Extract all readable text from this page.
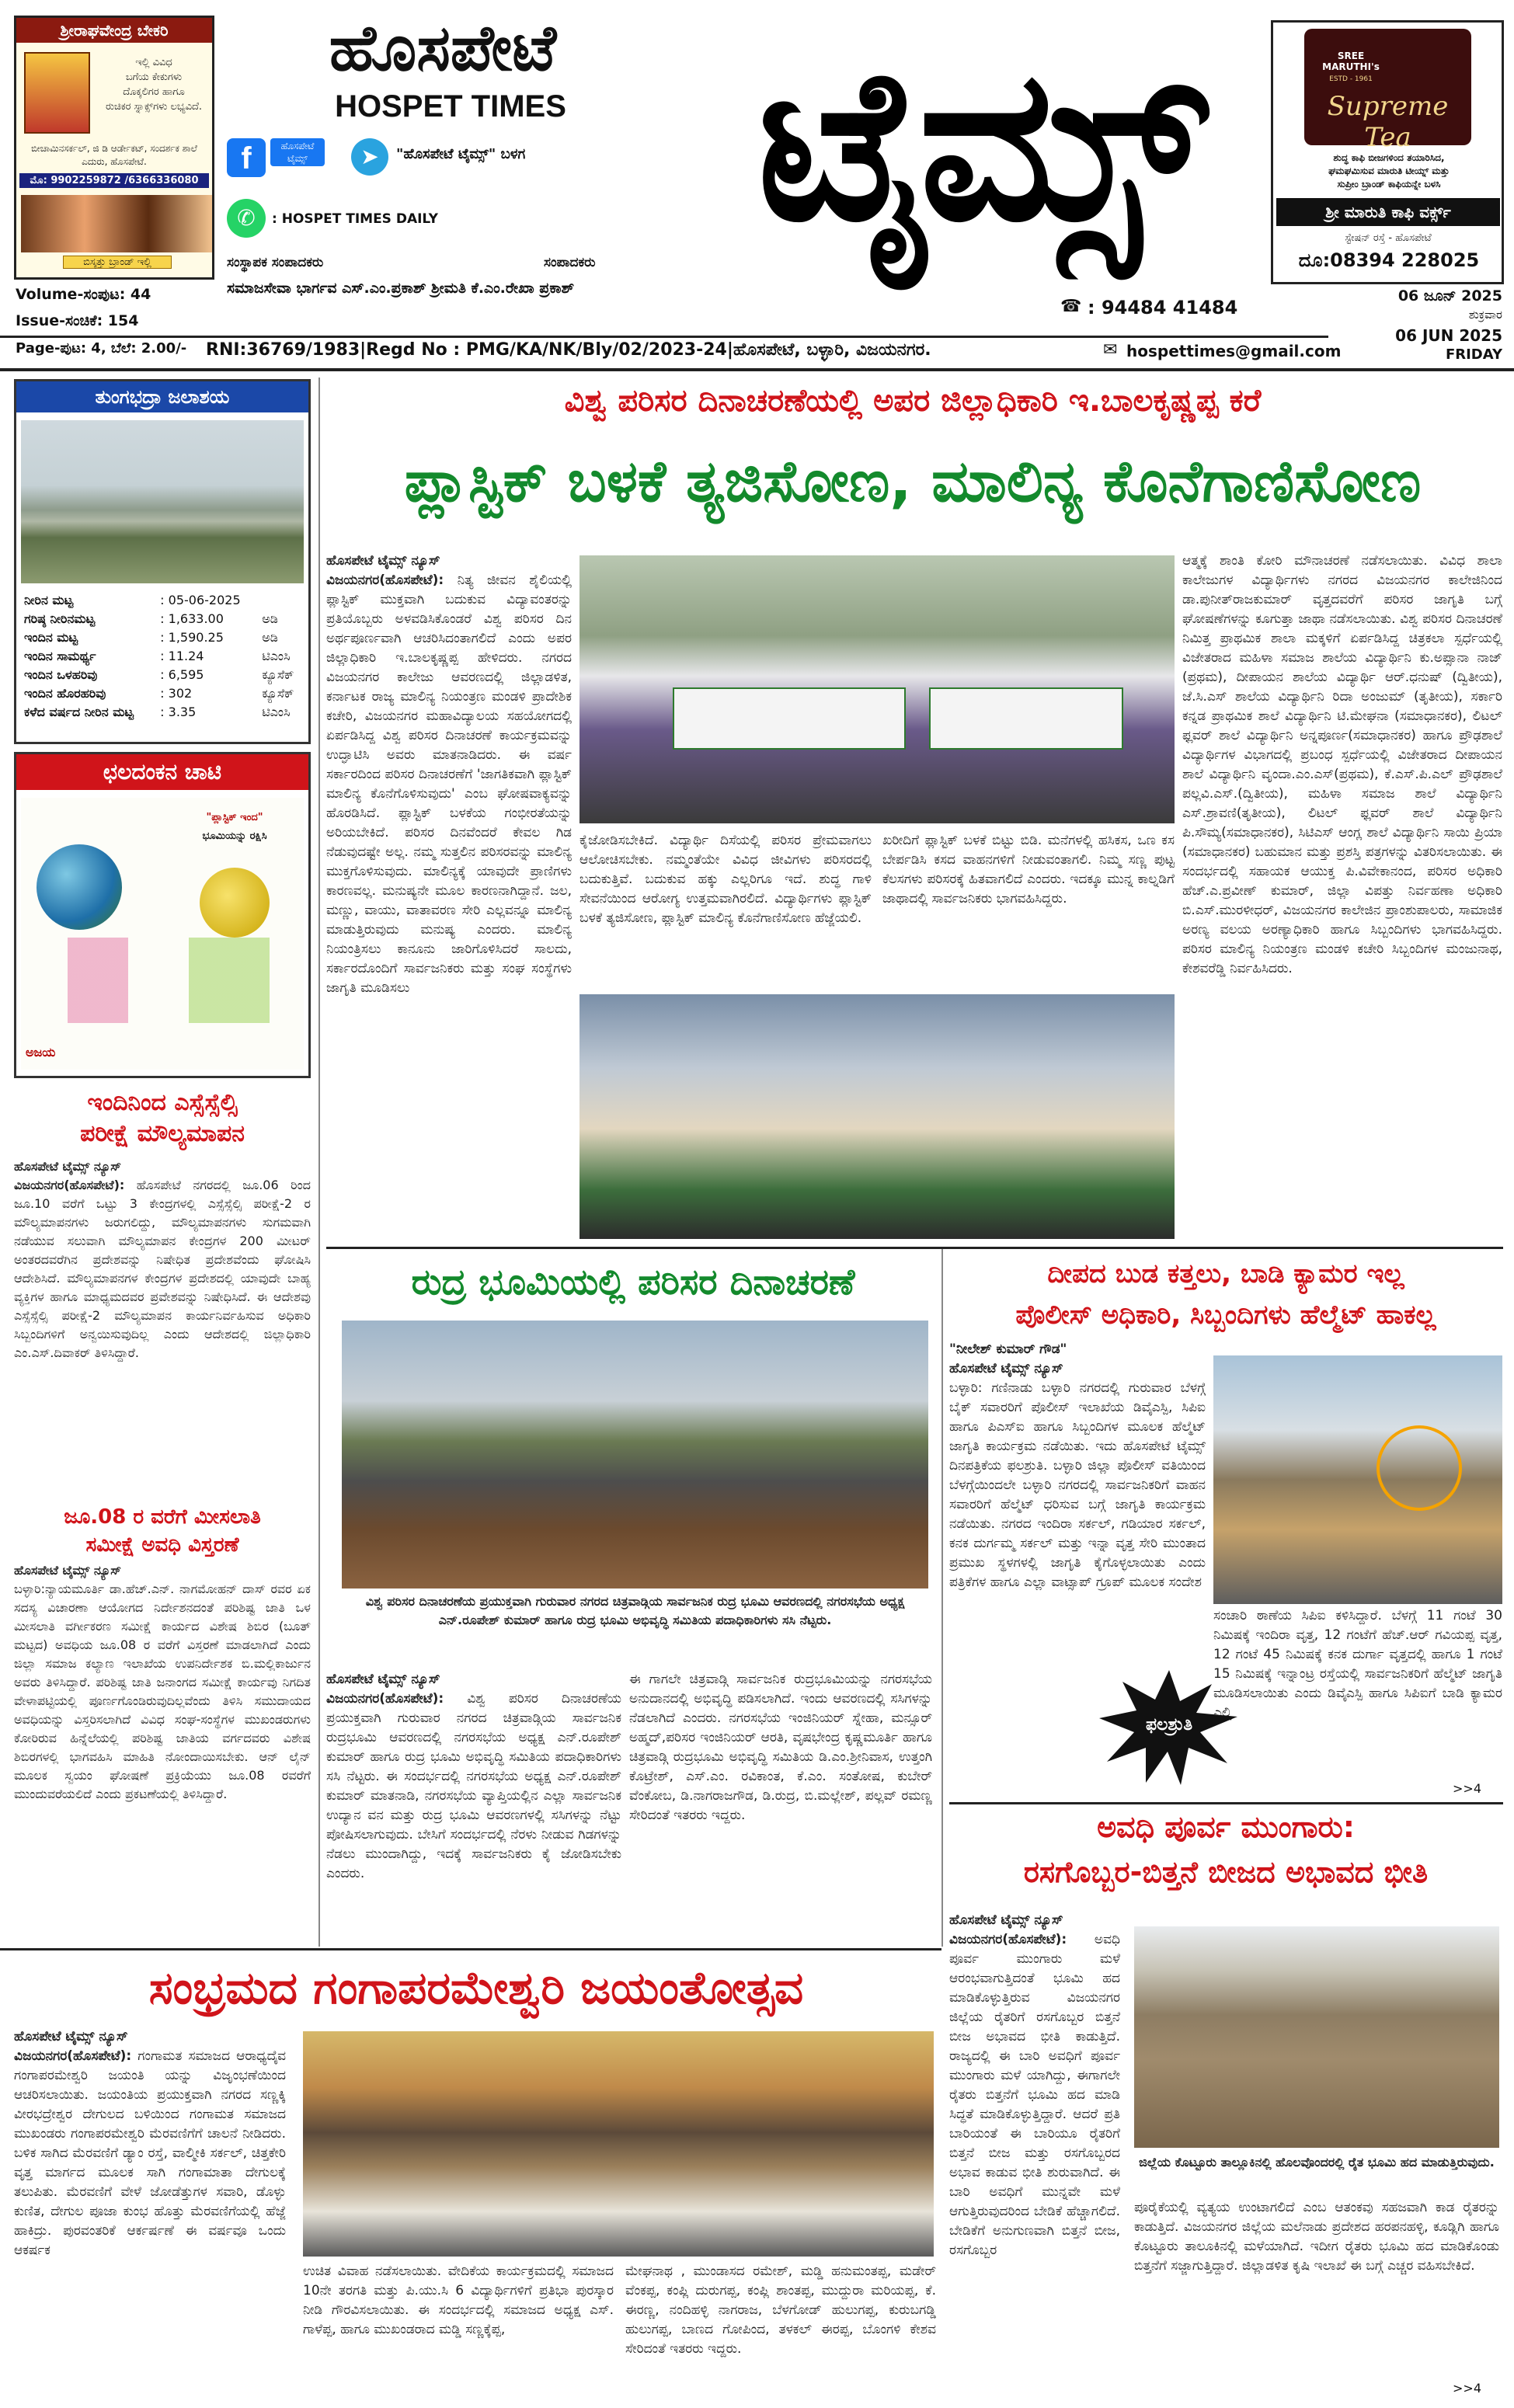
ಶ್ರೀರಾಘವೇಂದ್ರ ಬೇಕರಿ
ಇಲ್ಲಿ ವಿವಿಧ
ಬಗೆಯ ಕೇಕುಗಳು
ದೊಕ್ಕಲಿಗರ ಹಾಗೂ
ರುಚಿಕರ ಸ್ನಾಕ್ಸ್‌ಗಳು ಲಭ್ಯವಿದೆ.
ಬೀಚಾಮಿನಸರ್ಕಲ್, ಜಿ ಡಿ ಆರ್ಡೇಕಟ್, ಸಂದರ್ಶಕ ಶಾಲೆ ಎದುರು, ಹೊಸಪೇಟೆ.
ಮೊ: 9902259872 /6366336080
ಬಿಸ್ಕತ್ತು ಬ್ರಾಂಡ್ ಇಲ್ಲಿ
ಹೊಸಪೇಟೆ
HOSPET TIMES ಟೈಮ್ಸ್
f	ಹೊಸಪೇಟೆ ಟೈಮ್ಸ್	➤	"ಹೊಸಪೇಟೆ ಟೈಮ್ಸ್" ಬಳಗ
✆	: HOSPET TIMES DAILY
SREE MARUTHI's
ESTD - 1961
Supreme Tea
ಶುದ್ಧ ಕಾಫಿ ಬೀಜಗಳಿಂದ ತಯಾರಿಸಿದ,
ಘಮಘಮಿಸುವ ಮಾರುತಿ ಟೀಯ್ನ್ ಮತ್ತು
ಸುಪ್ರೀಂ ಬ್ರಾಂಡ್ ಕಾಫಿಯನ್ನೇ ಬಳಸಿ
ಶ್ರೀ ಮಾರುತಿ ಕಾಫಿ ವರ್ಕ್ಸ್
ಸ್ಟೇಷನ್ ರಸ್ತೆ - ಹೊಸಪೇಟೆ
ದೂ:08394 228025
ಸಂಸ್ಥಾಪಕ ಸಂಪಾದಕರು	ಸಂಪಾದಕರು
Volume-ಸಂಪುಟ: 44	ಸಮಾಜಸೇವಾ ಭಾರ್ಗವ ಎಸ್.ಎಂ.ಪ್ರಕಾಶ್ ಶ್ರೀಮತಿ ಕೆ.ಎಂ.ರೇಖಾ ಪ್ರಕಾಶ್
☎ : 94484 41484
06 ಜೂನ್ 2025
ಶುಕ್ರವಾರ
Issue-ಸಂಚಿಕೆ: 154
Page-ಪುಟ: 4, ಬೆಲೆ: 2.00/-	RNI:36769/1983|Regd No : PMG/KA/NK/Bly/02/2023-24|ಹೊಸಪೇಟೆ, ಬಳ್ಳಾರಿ, ವಿಜಯನಗರ.	✉ hospettimes@gmail.com
06 JUN 2025
FRIDAY
ತುಂಗಭದ್ರಾ ಜಲಾಶಯ
ನೀರಿನ ಮಟ್ಟ	: 05-06-2025	
ಗರಿಷ್ಠ ನೀರಿನಮಟ್ಟ	: 1,633.00	ಅಡಿ
ಇಂದಿನ ಮಟ್ಟ	: 1,590.25	ಅಡಿ
ಇಂದಿನ ಸಾಮರ್ಥ್ಯ	: 11.24	ಟಿಎಂಸಿ
ಇಂದಿನ ಒಳಹರಿವು	: 6,595	ಕ್ಯೂಸೆಕ್
ಇಂದಿನ ಹೊರಹರಿವು	: 302	ಕ್ಯೂಸೆಕ್
ಕಳೆದ ವರ್ಷದ ನೀರಿನ ಮಟ್ಟ	: 3.35	ಟಿಎಂಸಿ
ಛಲದಂಕನ ಚಾಟಿ
"ಪ್ಲಾಸ್ಟಿಕ್ ಇಂದ"
ಭೂಮಿಯನ್ನು ರಕ್ಷಿಸಿ
ಅಜಯ
ಇಂದಿನಿಂದ ಎಸ್ಸೆಸ್ಸೆಲ್ಸಿ
ಪರೀಕ್ಷೆ ಮೌಲ್ಯಮಾಪನ
ಹೊಸಪೇಟೆ ಟೈಮ್ಸ್ ನ್ಯೂಸ್
ವಿಜಯನಗರ(ಹೊಸಪೇಟೆ): ಹೊಸಪೇಟೆ ನಗರದಲ್ಲಿ ಜೂ.06 ರಿಂದ ಜೂ.10 ವರೆಗೆ ಒಟ್ಟು 3 ಕೇಂದ್ರಗಳಲ್ಲಿ ಎಸ್ಸೆಸ್ಸೆಲ್ಸಿ ಪರೀಕ್ಷೆ-2 ರ ಮೌಲ್ಯಮಾಪನಗಳು ಜರುಗಲಿದ್ದು, ಮೌಲ್ಯಮಾಪನಗಳು ಸುಗಮವಾಗಿ ನಡೆಯುವ ಸಲುವಾಗಿ ಮೌಲ್ಯಮಾಪನ ಕೇಂದ್ರಗಳ 200 ಮೀಟರ್ ಅಂತರದವರೆಗಿನ ಪ್ರದೇಶವನ್ನು ನಿಷೇಧಿತ ಪ್ರದೇಶವೆಂದು ಘೋಷಿಸಿ ಆದೇಶಿಸಿದೆ. ಮೌಲ್ಯಮಾಪನಗಳ ಕೇಂದ್ರಗಳ ಪ್ರದೇಶದಲ್ಲಿ ಯಾವುದೇ ಬಾಹ್ಯ ವ್ಯಕ್ತಿಗಳ ಹಾಗೂ ಮಾಧ್ಯಮದವರ ಪ್ರವೇಶವನ್ನು ನಿಷೇಧಿಸಿದೆ. ಈ ಆದೇಶವು ಎಸ್ಸೆಸ್ಸೆಲ್ಸಿ ಪರೀಕ್ಷೆ-2 ಮೌಲ್ಯಮಾಪನ ಕಾರ್ಯನಿರ್ವಹಿಸುವ ಅಧಿಕಾರಿ ಸಿಬ್ಬಂದಿಗಳಿಗೆ ಅನ್ವಯಿಸುವುದಿಲ್ಲ ಎಂದು ಆದೇಶದಲ್ಲಿ ಜಿಲ್ಲಾಧಿಕಾರಿ ಎಂ.ಎಸ್.ದಿವಾಕರ್ ತಿಳಿಸಿದ್ದಾರೆ.
ಜೂ.08 ರ ವರೆಗೆ ಮೀಸಲಾತಿ
ಸಮೀಕ್ಷೆ ಅವಧಿ ವಿಸ್ತರಣೆ
ಹೊಸಪೇಟೆ ಟೈಮ್ಸ್ ನ್ಯೂಸ್
ಬಳ್ಳಾರಿ:ನ್ಯಾಯಮೂರ್ತಿ ಡಾ.ಹೆಚ್.ಎನ್. ನಾಗಮೋಹನ್ ದಾಸ್ ರವರ ಏಕ ಸದಸ್ಯ ವಿಚಾರಣಾ ಆಯೋಗದ ನಿರ್ದೇಶನದಂತೆ ಪರಿಶಿಷ್ಟ ಜಾತಿ ಒಳ ಮೀಸಲಾತಿ ವರ್ಗೀಕರಣ ಸಮೀಕ್ಷೆ ಕಾರ್ಯದ ವಿಶೇಷ ಶಿಬಿರ (ಬೂತ್ ಮಟ್ಟದ) ಅವಧಿಯ ಜೂ.08 ರ ವರೆಗೆ ವಿಸ್ತರಣೆ ಮಾಡಲಾಗಿದೆ ಎಂದು ಜಿಲ್ಲಾ ಸಮಾಜ ಕಲ್ಯಾಣ ಇಲಾಖೆಯ ಉಪನಿರ್ದೇಶಕ ಬಿ.ಮಲ್ಲಿಕಾರ್ಜುನ ಅವರು ತಿಳಿಸಿದ್ದಾರೆ. ಪರಿಶಿಷ್ಟ ಜಾತಿ ಜನಾಂಗದ ಸಮೀಕ್ಷೆ ಕಾರ್ಯವು ನಿಗದಿತ ವೇಳಾಪಟ್ಟಿಯಲ್ಲಿ ಪೂರ್ಣಗೊಂಡಿರುವುದಿಲ್ಲವೆಂದು ತಿಳಿಸಿ ಸಮುದಾಯದ ಅವಧಿಯನ್ನು ವಿಸ್ತರಿಸಲಾಗಿದೆ ವಿವಿಧ ಸಂಘ-ಸಂಸ್ಥೆಗಳ ಮುಖಂಡರುಗಳು ಕೋರಿರುವ ಹಿನ್ನೆಲೆಯಲ್ಲಿ ಪರಿಶಿಷ್ಟ ಜಾತಿಯ ವರ್ಗದವರು ವಿಶೇಷ ಶಿಬಿರಗಳಲ್ಲಿ ಭಾಗವಹಿಸಿ ಮಾಹಿತಿ ನೋಂದಾಯಿಸಬೇಕು. ಆನ್ ಲೈನ್ ಮೂಲಕ ಸ್ವಯಂ ಘೋಷಣೆ ಪ್ರಕ್ರಿಯೆಯು ಜೂ.08 ರವರೆಗೆ ಮುಂದುವರೆಯಲಿದೆ ಎಂದು ಪ್ರಕಟಣೆಯಲ್ಲಿ ತಿಳಿಸಿದ್ದಾರೆ.
ವಿಶ್ವ ಪರಿಸರ ದಿನಾಚರಣೆಯಲ್ಲಿ ಅಪರ ಜಿಲ್ಲಾಧಿಕಾರಿ ಇ.ಬಾಲಕೃಷ್ಣಪ್ಪ ಕರೆ
ಪ್ಲಾಸ್ಟಿಕ್ ಬಳಕೆ ತ್ಯಜಿಸೋಣ, ಮಾಲಿನ್ಯ ಕೊನೆಗಾಣಿಸೋಣ
ಹೊಸಪೇಟೆ ಟೈಮ್ಸ್ ನ್ಯೂಸ್
ವಿಜಯನಗರ(ಹೊಸಪೇಟೆ): ನಿತ್ಯ ಜೀವನ ಶೈಲಿಯಲ್ಲಿ ಪ್ಲಾಸ್ಟಿಕ್ ಮುಕ್ತವಾಗಿ ಬದುಕುವ ವಿದ್ಯಾವಂತರನ್ನು ಪ್ರತಿಯೊಬ್ಬರು ಅಳವಡಿಸಿಕೊಂಡರೆ ವಿಶ್ವ ಪರಿಸರ ದಿನ ಅರ್ಥಪೂರ್ಣವಾಗಿ ಆಚರಿಸಿದಂತಾಗಲಿದೆ ಎಂದು ಅಪರ ಜಿಲ್ಲಾಧಿಕಾರಿ ಇ.ಬಾಲಕೃಷ್ಣಪ್ಪ ಹೇಳಿದರು. ನಗರದ ವಿಜಯನಗರ ಕಾಲೇಜು ಆವರಣದಲ್ಲಿ ಜಿಲ್ಲಾಡಳಿತ, ಕರ್ನಾಟಕ ರಾಜ್ಯ ಮಾಲಿನ್ಯ ನಿಯಂತ್ರಣ ಮಂಡಳಿ ಪ್ರಾದೇಶಿಕ ಕಚೇರಿ, ವಿಜಯನಗರ ಮಹಾವಿದ್ಯಾಲಯ ಸಹಯೋಗದಲ್ಲಿ ಏರ್ಪಡಿಸಿದ್ದ ವಿಶ್ವ ಪರಿಸರ ದಿನಾಚರಣೆ ಕಾರ್ಯಕ್ರಮವನ್ನು ಉದ್ಘಾಟಿಸಿ ಅವರು ಮಾತನಾಡಿದರು. ಈ ವರ್ಷ ಸರ್ಕಾರದಿಂದ ಪರಿಸರ ದಿನಾಚರಣೆಗೆ 'ಜಾಗತಿಕವಾಗಿ ಪ್ಲಾಸ್ಟಿಕ್ ಮಾಲಿನ್ಯ ಕೊನೆಗೊಳಿಸುವುದು' ಎಂಬ ಘೋಷವಾಕ್ಯವನ್ನು ಹೊರಡಿಸಿದೆ. ಪ್ಲಾಸ್ಟಿಕ್ ಬಳಕೆಯ ಗಂಭೀರತೆಯನ್ನು ಅರಿಯಬೇಕಿದೆ. ಪರಿಸರ ದಿನವೆಂದರೆ ಕೇವಲ ಗಿಡ ನೆಡುವುದಷ್ಟೇ ಅಲ್ಲ. ನಮ್ಮ ಸುತ್ತಲಿನ ಪರಿಸರವನ್ನು ಮಾಲಿನ್ಯ ಮುಕ್ತಗೊಳಿಸುವುದು. ಮಾಲಿನ್ಯಕ್ಕೆ ಯಾವುದೇ ಪ್ರಾಣಿಗಳು ಕಾರಣವಲ್ಲ. ಮನುಷ್ಯನೇ ಮೂಲ ಕಾರಣನಾಗಿದ್ದಾನೆ. ಜಲ, ಮಣ್ಣು, ವಾಯು, ವಾತಾವರಣ ಸೇರಿ ಎಲ್ಲವನ್ನೂ ಮಾಲಿನ್ಯ ಮಾಡುತ್ತಿರುವುದು ಮನುಷ್ಯ ಎಂದರು. ಮಾಲಿನ್ಯ ನಿಯಂತ್ರಿಸಲು ಕಾನೂನು ಜಾರಿಗೊಳಿಸಿದರೆ ಸಾಲದು, ಸರ್ಕಾರದೊಂದಿಗೆ ಸಾರ್ವಜನಿಕರು ಮತ್ತು ಸಂಘ ಸಂಸ್ಥೆಗಳು ಜಾಗೃತಿ ಮೂಡಿಸಲು
ಕೈಜೋಡಿಸಬೇಕಿದೆ. ವಿದ್ಯಾರ್ಥಿ ದಿಸೆಯಲ್ಲಿ ಪರಿಸರ ಪ್ರೇಮವಾಗಲು ಆಲೋಚಿಸಬೇಕು. ನಮ್ಮಂತೆಯೇ ವಿವಿಧ ಜೀವಿಗಳು ಪರಿಸರದಲ್ಲಿ ಬದುಕುತ್ತಿವೆ. ಬದುಕುವ ಹಕ್ಕು ಎಲ್ಲರಿಗೂ ಇದೆ. ಶುದ್ಧ ಗಾಳಿ ಸೇವನೆಯಿಂದ ಆರೋಗ್ಯ ಉತ್ತಮವಾಗಿರಲಿದೆ. ವಿದ್ಯಾರ್ಥಿಗಳು ಪ್ಲಾಸ್ಟಿಕ್ ಬಳಕೆ ತ್ಯಜಿಸೋಣ, ಪ್ಲಾಸ್ಟಿಕ್ ಮಾಲಿನ್ಯ ಕೊನೆಗಾಣಿಸೋಣ ಹೆಜ್ಜೆಯಲಿ.
ಖರೀದಿಗೆ ಪ್ಲಾಸ್ಟಿಕ್ ಬಳಕೆ ಬಿಟ್ಟು ಬಿಡಿ. ಮನೆಗಳಲ್ಲಿ ಹಸಿಕಸ, ಒಣ ಕಸ ಬೇರ್ಪಡಿಸಿ ಕಸದ ವಾಹನಗಳಿಗೆ ನೀಡುವಂತಾಗಲಿ. ನಿಮ್ಮ ಸಣ್ಣ ಪುಟ್ಟ ಕೆಲಸಗಳು ಪರಿಸರಕ್ಕೆ ಹಿತವಾಗಲಿದೆ ಎಂದರು. ಇದಕ್ಕೂ ಮುನ್ನ ಕಾಲ್ನಡಿಗೆ ಜಾಥಾದಲ್ಲಿ ಸಾರ್ವಜನಿಕರು ಭಾಗವಹಿಸಿದ್ದರು.
ಆತ್ಮಕ್ಕೆ ಶಾಂತಿ ಕೋರಿ ಮೌನಾಚರಣೆ ನಡೆಸಲಾಯಿತು. ವಿವಿಧ ಶಾಲಾ ಕಾಲೇಜುಗಳ ವಿದ್ಯಾರ್ಥಿಗಳು ನಗರದ ವಿಜಯನಗರ ಕಾಲೇಜಿನಿಂದ ಡಾ.ಪುನೀತ್‌ರಾಜಕುಮಾರ್ ವೃತ್ತದವರೆಗೆ ಪರಿಸರ ಜಾಗೃತಿ ಬಗ್ಗೆ ಘೋಷಣೆಗಳನ್ನು ಕೂಗುತ್ತಾ ಜಾಥಾ ನಡೆಸಲಾಯಿತು. ವಿಶ್ವ ಪರಿಸರ ದಿನಾಚರಣೆ ನಿಮಿತ್ತ ಪ್ರಾಥಮಿಕ ಶಾಲಾ ಮಕ್ಕಳಿಗೆ ಏರ್ಪಡಿಸಿದ್ದ ಚಿತ್ರಕಲಾ ಸ್ಪರ್ಧೆಯಲ್ಲಿ ವಿಜೇತರಾದ ಮಹಿಳಾ ಸಮಾಜ ಶಾಲೆಯ ವಿದ್ಯಾರ್ಥಿನಿ ಕು.ಅಪ್ಸಾನಾ ನಾಜ್ (ಪ್ರಥಮ), ದೀಪಾಯನ ಶಾಲೆಯ ವಿದ್ಯಾರ್ಥಿ ಆರ್.ಧನುಷ್ (ದ್ವಿತೀಯ), ಜೆ.ಸಿ.ಎಸ್ ಶಾಲೆಯ ವಿದ್ಯಾರ್ಥಿನಿ ರಿದಾ ಅಂಜುಮ್ (ತೃತೀಯ), ಸರ್ಕಾರಿ ಕನ್ನಡ ಪ್ರಾಥಮಿಕ ಶಾಲೆ ವಿದ್ಯಾರ್ಥಿನಿ ಟಿ.ಮೇಘನಾ (ಸಮಾಧಾನಕರ), ಲಿಟಲ್ ಫ್ಲವರ್ ಶಾಲೆ ವಿದ್ಯಾರ್ಥಿನಿ ಅನ್ನಪೂರ್ಣ(ಸಮಾಧಾನಕರ) ಹಾಗೂ ಪ್ರೌಢಶಾಲೆ ವಿದ್ಯಾರ್ಥಿಗಳ ವಿಭಾಗದಲ್ಲಿ ಪ್ರಬಂಧ ಸ್ಪರ್ಧೆಯಲ್ಲಿ ವಿಜೇತರಾದ ದೀಪಾಯನ ಶಾಲೆ ವಿದ್ಯಾರ್ಥಿನಿ ವೃಂದಾ.ಎಂ.ಎಸ್(ಪ್ರಥಮ), ಕೆ.ಎಸ್.ಪಿ.ಎಲ್ ಪ್ರೌಢಶಾಲೆ ಪಲ್ಲವಿ.ಎಸ್.(ದ್ವಿತೀಯ), ಮಹಿಳಾ ಸಮಾಜ ಶಾಲೆ ವಿದ್ಯಾರ್ಥಿನಿ ಎಸ್.ಶ್ರಾವಣಿ(ತೃತೀಯ), ಲಿಟಲ್ ಫ್ಲವರ್ ಶಾಲೆ ವಿದ್ಯಾರ್ಥಿನಿ ಪಿ.ಸೌಮ್ಯ(ಸಮಾಧಾನಕರ), ಸಿಟಿಎಸ್ ಆಂಗ್ಲ ಶಾಲೆ ವಿದ್ಯಾರ್ಥಿನಿ ಸಾಯಿ ಪ್ರಿಯಾ (ಸಮಾಧಾನಕರ) ಬಹುಮಾನ ಮತ್ತು ಪ್ರಶಸ್ತಿ ಪತ್ರಗಳನ್ನು ವಿತರಿಸಲಾಯಿತು. ಈ ಸಂದರ್ಭದಲ್ಲಿ ಸಹಾಯಕ ಆಯುಕ್ತ ಪಿ.ವಿವೇಕಾನಂದ, ಪರಿಸರ ಅಧಿಕಾರಿ ಹೆಚ್.ಎ.ಪ್ರವೀಣ್ ಕುಮಾರ್, ಜಿಲ್ಲಾ ವಿಪತ್ತು ನಿರ್ವಹಣಾ ಅಧಿಕಾರಿ ಬಿ.ಎಸ್.ಮುರಳೀಧರ್, ವಿಜಯನಗರ ಕಾಲೇಜಿನ ಪ್ರಾಂಶುಪಾಲರು, ಸಾಮಾಜಿಕ ಅರಣ್ಯ ವಲಯ ಅರಣ್ಯಾಧಿಕಾರಿ ಹಾಗೂ ಸಿಬ್ಬಂದಿಗಳು ಭಾಗವಹಿಸಿದ್ದರು. ಪರಿಸರ ಮಾಲಿನ್ಯ ನಿಯಂತ್ರಣ ಮಂಡಳಿ ಕಚೇರಿ ಸಿಬ್ಬಂದಿಗಳ ಮಂಜುನಾಥ, ಕೇಶವರೆಡ್ಡಿ ನಿರ್ವಹಿಸಿದರು.
ರುದ್ರ ಭೂಮಿಯಲ್ಲಿ ಪರಿಸರ ದಿನಾಚರಣೆ
ವಿಶ್ವ ಪರಿಸರ ದಿನಾಚರಣೆಯ ಪ್ರಯುಕ್ತವಾಗಿ ಗುರುವಾರ ನಗರದ ಚಿತ್ರವಾಡ್ಗಿಯ ಸಾರ್ವಜನಿಕ ರುದ್ರ ಭೂಮಿ ಆವರಣದಲ್ಲಿ ನಗರಸಭೆಯ ಅಧ್ಯಕ್ಷ ಎನ್.ರೂಪೇಶ್ ಕುಮಾರ್ ಹಾಗೂ ರುದ್ರ ಭೂಮಿ ಅಭಿವೃದ್ಧಿ ಸಮಿತಿಯ ಪದಾಧಿಕಾರಿಗಳು ಸಸಿ ನೆಟ್ಟರು.
ಹೊಸಪೇಟೆ ಟೈಮ್ಸ್ ನ್ಯೂಸ್
ವಿಜಯನಗರ(ಹೊಸಪೇಟೆ): ವಿಶ್ವ ಪರಿಸರ ದಿನಾಚರಣೆಯ ಪ್ರಯುಕ್ತವಾಗಿ ಗುರುವಾರ ನಗರದ ಚಿತ್ರವಾಡ್ಗಿಯ ಸಾರ್ವಜನಿಕ ರುದ್ರಭೂಮಿ ಆವರಣದಲ್ಲಿ ನಗರಸಭೆಯ ಅಧ್ಯಕ್ಷ ಎನ್.ರೂಪೇಶ್ ಕುಮಾರ್ ಹಾಗೂ ರುದ್ರ ಭೂಮಿ ಅಭಿವೃದ್ಧಿ ಸಮಿತಿಯ ಪದಾಧಿಕಾರಿಗಳು ಸಸಿ ನೆಟ್ಟರು. ಈ ಸಂದರ್ಭದಲ್ಲಿ ನಗರಸಭೆಯ ಅಧ್ಯಕ್ಷ ಎನ್.ರೂಪೇಶ್ ಕುಮಾರ್ ಮಾತನಾಡಿ, ನಗರಸಭೆಯ ವ್ಯಾಪ್ತಿಯಲ್ಲಿನ ಎಲ್ಲಾ ಸಾರ್ವಜನಿಕ ಉದ್ಯಾನ ವನ ಮತ್ತು ರುದ್ರ ಭೂಮಿ ಆವರಣಗಳಲ್ಲಿ ಸಸಿಗಳನ್ನು ನೆಟ್ಟು ಪೋಷಿಸಲಾಗುವುದು. ಬೇಸಿಗೆ ಸಂದರ್ಭದಲ್ಲಿ ನೆರಳು ನೀಡುವ ಗಿಡಗಳನ್ನು ನೆಡಲು ಮುಂದಾಗಿದ್ದು, ಇದಕ್ಕೆ ಸಾರ್ವಜನಿಕರು ಕೈ ಜೋಡಿಸಬೇಕು ಎಂದರು.
ಈ ಗಾಗಲೇ ಚಿತ್ರವಾಡ್ಗಿ ಸಾರ್ವಜನಿಕ ರುದ್ರಭೂಮಿಯನ್ನು ನಗರಸಭೆಯ ಅನುದಾನದಲ್ಲಿ ಅಭಿವೃದ್ಧಿ ಪಡಿಸಲಾಗಿದೆ. ಇಂದು ಆವರಣದಲ್ಲಿ ಸಸಿಗಳನ್ನು ನೆಡಲಾಗಿದೆ ಎಂದರು. ನಗರಸಭೆಯ ಇಂಜಿನಿಯರ್ ಸ್ನೇಹಾ, ಮನ್ಸೂರ್ ಅಹ್ಮದ್,ಪರಿಸರ ಇಂಜಿನಿಯರ್ ಆರತಿ, ವೃಷಭೇಂದ್ರ ಕೃಷ್ಣಮೂರ್ತಿ ಹಾಗೂ ಚಿತ್ರವಾಡ್ಗಿ ರುದ್ರಭೂಮಿ ಅಭಿವೃದ್ಧಿ ಸಮಿತಿಯ ಡಿ.ಎಂ.ಶ್ರೀನಿವಾಸ, ಉತ್ತಂಗಿ ಕೊಟ್ರೇಶ್, ಎಸ್.ಎಂ. ರವಿಕಾಂತ, ಕೆ.ಎಂ. ಸಂತೋಷ, ಕುಬೇರ್ ವೆಂಕೋಬ, ಡಿ.ನಾಗರಾಜಗೌಡ, ಡಿ.ರುದ್ರ, ಬಿ.ಮಲ್ಲೇಶ್, ಪಲ್ಲವ್ ರಮಣ್ಣ ಸೇರಿದಂತೆ ಇತರರು ಇದ್ದರು.
ದೀಪದ ಬುಡ ಕತ್ತಲು, ಬಾಡಿ ಕ್ಯಾಮರ ಇಲ್ಲ
ಪೊಲೀಸ್ ಅಧಿಕಾರಿ, ಸಿಬ್ಬಂದಿಗಳು ಹೆಲ್ಮೆಟ್ ಹಾಕಲ್ಲ
"ನೀಲೇಶ್ ಕುಮಾರ್ ಗೌಡ"
ಹೊಸಪೇಟೆ ಟೈಮ್ಸ್ ನ್ಯೂಸ್
ಬಳ್ಳಾರಿ: ಗಣಿನಾಡು ಬಳ್ಳಾರಿ ನಗರದಲ್ಲಿ ಗುರುವಾರ ಬೆಳಗ್ಗೆ ಬೈಕ್ ಸವಾರರಿಗೆ ಪೊಲೀಸ್ ಇಲಾಖೆಯ ಡಿವೈಎಸ್ಪಿ, ಸಿಪಿಐ ಹಾಗೂ ಪಿಎಸ್‌ಐ ಹಾಗೂ ಸಿಬ್ಬಂದಿಗಳ ಮೂಲಕ ಹೆಲ್ಮೆಟ್ ಜಾಗೃತಿ ಕಾರ್ಯಕ್ರಮ ನಡೆಯಿತು. ಇದು ಹೊಸಪೇಟೆ ಟೈಮ್ಸ್ ದಿನಪತ್ರಿಕೆಯ ಫಲಶ್ರುತಿ. ಬಳ್ಳಾರಿ ಜಿಲ್ಲಾ ಪೊಲೀಸ್ ವತಿಯಿಂದ ಬೆಳಗ್ಗೆಯಿಂದಲೇ ಬಳ್ಳಾರಿ ನಗರದಲ್ಲಿ ಸಾರ್ವಜನಿಕರಿಗೆ ವಾಹನ ಸವಾರರಿಗೆ ಹೆಲ್ಮೆಟ್ ಧರಿಸುವ ಬಗ್ಗೆ ಜಾಗೃತಿ ಕಾರ್ಯಕ್ರಮ ನಡೆಯಿತು. ನಗರದ ಇಂದಿರಾ ಸರ್ಕಲ್, ಗಡಿಯಾರ ಸರ್ಕಲ್, ಕನಕ ದುರ್ಗಮ್ಮ ಸರ್ಕಲ್ ಮತ್ತು ಇನ್ನಾ ವೃತ್ತ ಸೇರಿ ಮುಂತಾದ ಪ್ರಮುಖ ಸ್ಥಳಗಳಲ್ಲಿ ಜಾಗೃತಿ ಕೈಗೊಳ್ಳಲಾಯಿತು ಎಂದು ಪತ್ರಿಕೆಗಳ ಹಾಗೂ ಎಲ್ಲಾ ವಾಟ್ಸಾಪ್ ಗ್ರೂಪ್ ಮೂಲಕ ಸಂದೇಶ
ಸಂಚಾರಿ ಠಾಣೆಯ ಸಿಪಿಐ ಕಳಿಸಿದ್ದಾರೆ. ಬೆಳಗ್ಗೆ 11 ಗಂಟೆ 30 ನಿಮಿಷಕ್ಕೆ ಇಂದಿರಾ ವೃತ್ತ, 12 ಗಂಟೆಗೆ ಹೆಚ್.ಆರ್ ಗವಿಯಪ್ಪ ವೃತ್ತ, 12 ಗಂಟೆ 45 ನಿಮಿಷಕ್ಕೆ ಕನಕ ದುರ್ಗಾ ವೃತ್ತದಲ್ಲಿ ಹಾಗೂ 1 ಗಂಟೆ 15 ನಿಮಿಷಕ್ಕೆ ಇನ್ನಾಂಟ್ರ ರಸ್ತೆಯಲ್ಲಿ ಸಾರ್ವಜನಿಕರಿಗೆ ಹೆಲ್ಮೆಟ್ ಜಾಗೃತಿ ಮೂಡಿಸಲಾಯಿತು ಎಂದು ಡಿವೈಎಸ್ಪಿ ಹಾಗೂ ಸಿಪಿಐಗೆ ಬಾಡಿ ಕ್ಯಾಮರ ಎಲ್ಲಿ
ಫಲಶ್ರುತಿ
>>4
ಅವಧಿ ಪೂರ್ವ ಮುಂಗಾರು:
ರಸಗೊಬ್ಬರ-ಬಿತ್ತನೆ ಬೀಜದ ಅಭಾವದ ಭೀತಿ
ಹೊಸಪೇಟೆ ಟೈಮ್ಸ್ ನ್ಯೂಸ್
ವಿಜಯನಗರ(ಹೊಸಪೇಟೆ): ಅವಧಿ ಪೂರ್ವ ಮುಂಗಾರು ಮಳೆ ಆರಂಭವಾಗುತ್ತಿದಂತೆ ಭೂಮಿ ಹದ ಮಾಡಿಕೊಳ್ಳುತ್ತಿರುವ ವಿಜಯನಗರ ಜಿಲ್ಲೆಯ ರೈತರಿಗೆ ರಸಗೊಬ್ಬರ ಬಿತ್ತನೆ ಬೀಜ ಅಭಾವದ ಭೀತಿ ಕಾಡುತ್ತಿದೆ. ರಾಜ್ಯದಲ್ಲಿ ಈ ಬಾರಿ ಅವಧಿಗೆ ಪೂರ್ವ ಮುಂಗಾರು ಮಳೆ ಯಾಗಿದ್ದು, ಈಗಾಗಲೇ ರೈತರು ಬಿತ್ತನೆಗೆ ಭೂಮಿ ಹದ ಮಾಡಿ ಸಿದ್ಧತೆ ಮಾಡಿಕೊಳ್ಳುತ್ತಿದ್ದಾರೆ. ಆದರೆ ಪ್ರತಿ ಬಾರಿಯಂತೆ ಈ ಬಾರಿಯೂ ರೈತರಿಗೆ ಬಿತ್ತನೆ ಬೀಜ ಮತ್ತು ರಸಗೊಬ್ಬರದ ಅಭಾವ ಕಾಡುವ ಭೀತಿ ಶುರುವಾಗಿದೆ. ಈ ಬಾರಿ ಅವಧಿಗೆ ಮುನ್ನವೇ ಮಳೆ ಆಗುತ್ತಿರುವುದರಿಂದ ಬೇಡಿಕೆ ಹೆಚ್ಚಾಗಲಿದೆ. ಬೇಡಿಕೆಗೆ ಅನುಗುಣವಾಗಿ ಬಿತ್ತನೆ ಬೀಜ, ರಸಗೊಬ್ಬರ
ಜಿಲ್ಲೆಯ ಕೊಟ್ಟೂರು ತಾಲ್ಲೂಕಿನಲ್ಲಿ ಹೊಲವೊಂದರಲ್ಲಿ ರೈತ ಭೂಮಿ ಹದ ಮಾಡುತ್ತಿರುವುದು.
ಪೂರೈಕೆಯಲ್ಲಿ ವ್ಯತ್ಯಯ ಉಂಟಾಗಲಿದೆ ಎಂಬ ಆತಂಕವು ಸಹಜವಾಗಿ ಕಾಡ ರೈತರನ್ನು ಕಾಡುತ್ತಿದೆ. ವಿಜಯನಗರ ಜಿಲ್ಲೆಯ ಮಲೆನಾಡು ಪ್ರದೇಶದ ಹರಪನಹಳ್ಳಿ, ಕೂಡ್ಲಿಗಿ ಹಾಗೂ ಕೊಟ್ಟೂರು ತಾಲೂಕಿನಲ್ಲಿ ಮಳೆಯಾಗಿದೆ. ಇದೀಗ ರೈತರು ಭೂಮಿ ಹದ ಮಾಡಿಕೊಂಡು ಬಿತ್ತನೆಗೆ ಸಜ್ಜಾಗುತ್ತಿದ್ದಾರೆ. ಜಿಲ್ಲಾಡಳಿತ ಕೃಷಿ ಇಲಾಖೆ ಈ ಬಗ್ಗೆ ಎಚ್ಚರ ವಹಿಸಬೇಕಿದೆ.
>>4
ಸಂಭ್ರಮದ ಗಂಗಾಪರಮೇಶ್ವರಿ ಜಯಂತೋತ್ಸವ
ಹೊಸಪೇಟೆ ಟೈಮ್ಸ್ ನ್ಯೂಸ್
ವಿಜಯನಗರ(ಹೊಸಪೇಟೆ): ಗಂಗಾಮತ ಸಮಾಜದ ಆರಾಧ್ಯದೈವ ಗಂಗಾಪರಮೇಶ್ವರಿ ಜಯಂತಿ ಯನ್ನು ವಿಜೃಂಭಣೆಯಿಂದ ಆಚರಿಸಲಾಯಿತು. ಜಯಂತಿಯ ಪ್ರಯುಕ್ತವಾಗಿ ನಗರದ ಸಣ್ಣಕ್ಕಿ ವೀರಭದ್ರೇಶ್ವರ ದೇಗುಲದ ಬಳಿಯಿಂದ ಗಂಗಾಮತ ಸಮಾಜದ ಮುಖಂಡರು ಗಂಗಾಪರಮೇಶ್ವರಿ ಮೆರವಣಿಗೆಗೆ ಚಾಲನೆ ನೀಡಿದರು. ಬಳಿಕ ಸಾಗಿದ ಮೆರವಣಿಗೆ ಡ್ಯಾಂ ರಸ್ತೆ, ವಾಲ್ಮೀಕಿ ಸರ್ಕಲ್, ಚಿತ್ತಕೇರಿ ವೃತ್ತ ಮಾರ್ಗದ ಮೂಲಕ ಸಾಗಿ ಗಂಗಾಮಾತಾ ದೇಗುಲಕ್ಕೆ ತಲುಪಿತು. ಮೆರವಣಿಗೆ ವೇಳೆ ಜೋಡೆತ್ತುಗಳ ಸವಾರಿ, ಡೊಳ್ಳು ಕುಣಿತ, ದೇಗುಲ ಪೂಜಾ ಕುಂಭ ಹೊತ್ತು ಮೆರವಣಿಗೆಯಲ್ಲಿ ಹೆಜ್ಜೆ ಹಾಕಿದ್ರು. ಪುರವಂತರಿಕೆ ಆರ್ಕರ್ಷಣೆ ಈ ವರ್ಷವೂ ಒಂದು ಆಕರ್ಷಕ
ಉಚಿತ ವಿವಾಹ ನಡೆಸಲಾಯಿತು. ವೇದಿಕೆಯ ಕಾರ್ಯಕ್ರಮದಲ್ಲಿ ಸಮಾಜದ 10ನೇ ತರಗತಿ ಮತ್ತು ಪಿ.ಯು.ಸಿ 6 ವಿದ್ಯಾರ್ಥಿಗಳಿಗೆ ಪ್ರತಿಭಾ ಪುರಸ್ಕಾರ ನೀಡಿ ಗೌರವಿಸಲಾಯಿತು. ಈ ಸಂದರ್ಭದಲ್ಲಿ ಸಮಾಜದ ಅಧ್ಯಕ್ಷ ಎಸ್. ಗಾಳೆಪ್ಪ, ಹಾಗೂ ಮುಖಂಡರಾದ ಮಡ್ಡಿ ಸಣ್ಣಕ್ಕೆಪ್ಪ,
ಮೇಘನಾಥ , ಮುಂಡಾಸದ ರಮೇಶ್, ಮಡ್ಡಿ ಹನುಮಂತಪ್ಪ, ಮಡೇರ್ ವೆಂಕಪ್ಪ, ಕಂಪ್ಲಿ ದುರುಗಪ್ಪ, ಕಂಪ್ಲಿ ಶಾಂತಪ್ಪ, ಮುದ್ದುರಾ ಮರಿಯಪ್ಪ, ಕೆ. ಈರಣ್ಣ, ನಂದಿಹಳ್ಳಿ ನಾಗರಾಜ, ಬೆಳಗೋಡ್ ಹುಲುಗಪ್ಪ, ಕುರುಬಗಡ್ಡಿ ಹುಲುಗಪ್ಪ, ಬಾಣದ ಗೋಪಿಂದ, ತಳಕಲ್ ಈರಪ್ಪ, ಬೊಂಗಳಿ ಕೇಶವ ಸೇರಿದಂತೆ ಇತರರು ಇದ್ದರು.
